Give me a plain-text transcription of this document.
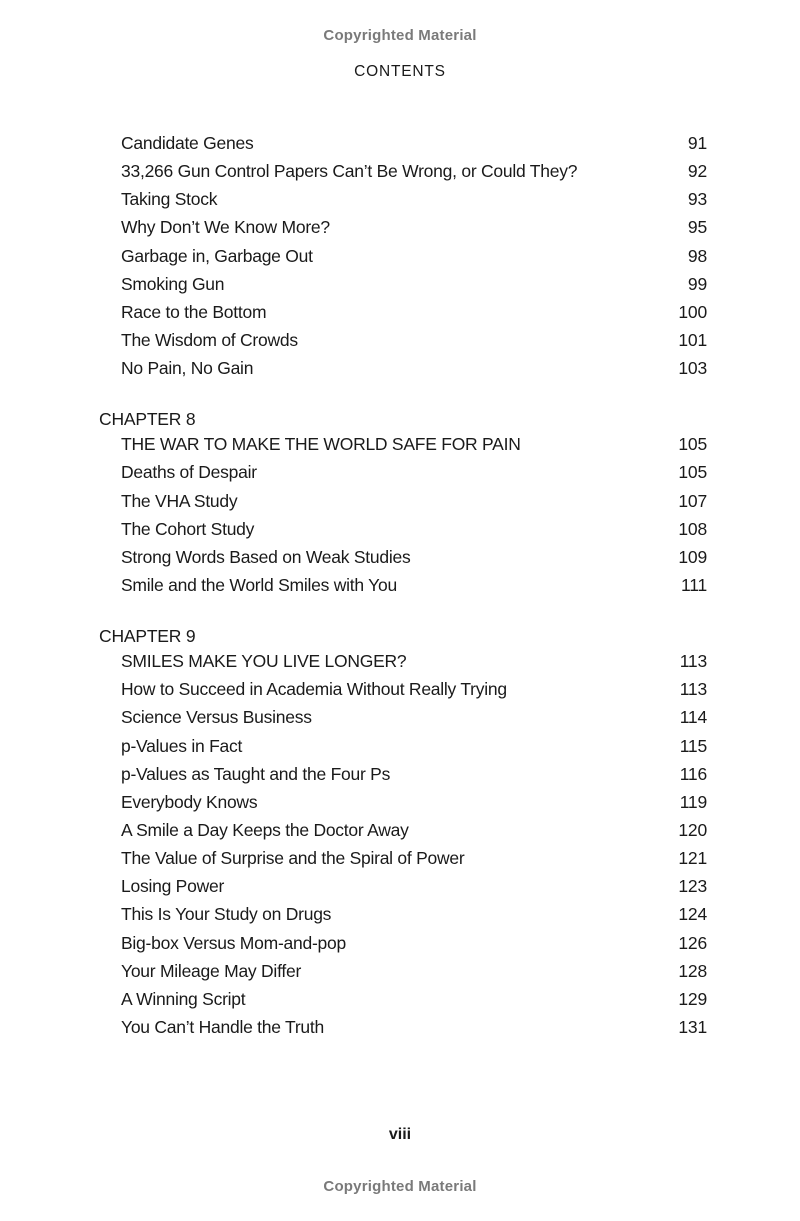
Copyrighted Material
CONTENTS
Candidate Genes	91
33,266 Gun Control Papers Can’t Be Wrong, or Could They?	92
Taking Stock	93
Why Don’t We Know More?	95
Garbage in, Garbage Out	98
Smoking Gun	99
Race to the Bottom	100
The Wisdom of Crowds	101
No Pain, No Gain	103
CHAPTER 8
THE WAR TO MAKE THE WORLD SAFE FOR PAIN	105
Deaths of Despair	105
The VHA Study	107
The Cohort Study	108
Strong Words Based on Weak Studies	109
Smile and the World Smiles with You	111
CHAPTER 9
SMILES MAKE YOU LIVE LONGER?	113
How to Succeed in Academia Without Really Trying	113
Science Versus Business	114
p-Values in Fact	115
p-Values as Taught and the Four Ps	116
Everybody Knows	119
A Smile a Day Keeps the Doctor Away	120
The Value of Surprise and the Spiral of Power	121
Losing Power	123
This Is Your Study on Drugs	124
Big-box Versus Mom-and-pop	126
Your Mileage May Differ	128
A Winning Script	129
You Can’t Handle the Truth	131
viii
Copyrighted Material
